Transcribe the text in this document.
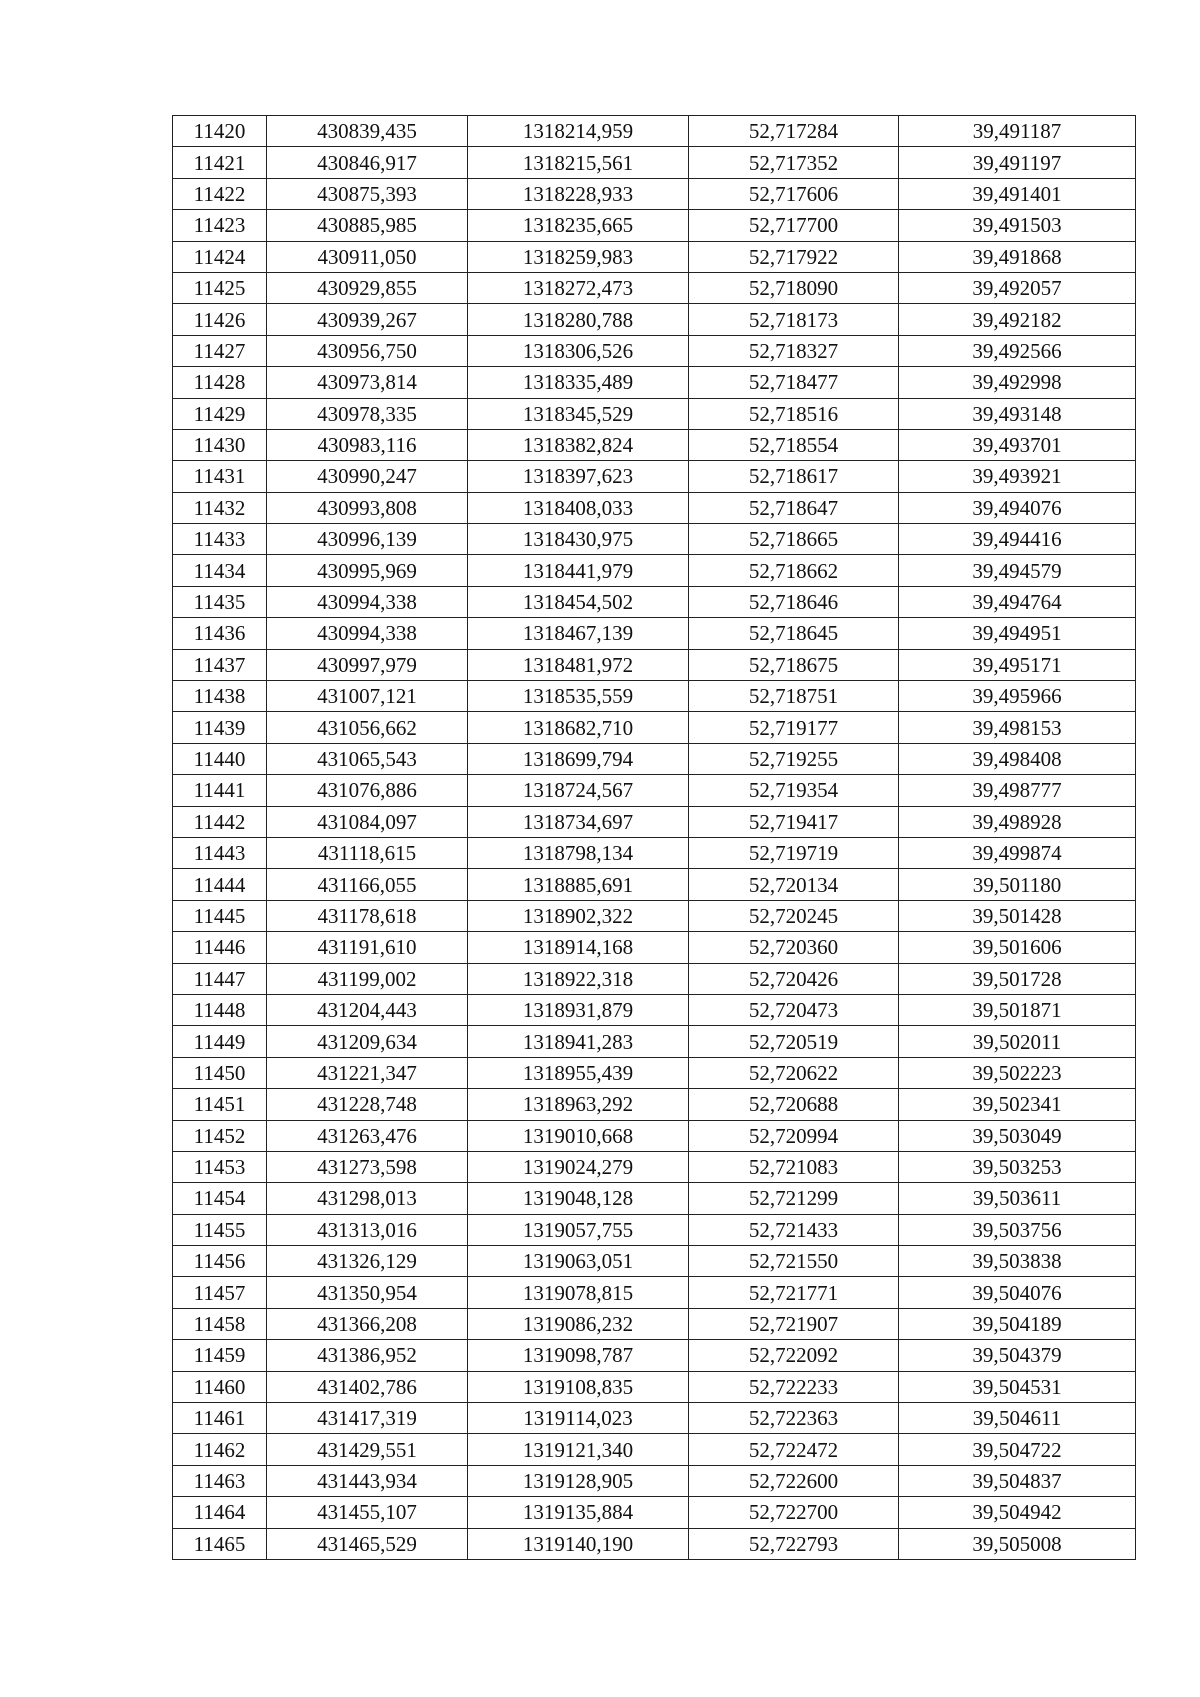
11420	430839,435	1318214,959	52,717284	39,491187
11421	430846,917	1318215,561	52,717352	39,491197
11422	430875,393	1318228,933	52,717606	39,491401
11423	430885,985	1318235,665	52,717700	39,491503
11424	430911,050	1318259,983	52,717922	39,491868
11425	430929,855	1318272,473	52,718090	39,492057
11426	430939,267	1318280,788	52,718173	39,492182
11427	430956,750	1318306,526	52,718327	39,492566
11428	430973,814	1318335,489	52,718477	39,492998
11429	430978,335	1318345,529	52,718516	39,493148
11430	430983,116	1318382,824	52,718554	39,493701
11431	430990,247	1318397,623	52,718617	39,493921
11432	430993,808	1318408,033	52,718647	39,494076
11433	430996,139	1318430,975	52,718665	39,494416
11434	430995,969	1318441,979	52,718662	39,494579
11435	430994,338	1318454,502	52,718646	39,494764
11436	430994,338	1318467,139	52,718645	39,494951
11437	430997,979	1318481,972	52,718675	39,495171
11438	431007,121	1318535,559	52,718751	39,495966
11439	431056,662	1318682,710	52,719177	39,498153
11440	431065,543	1318699,794	52,719255	39,498408
11441	431076,886	1318724,567	52,719354	39,498777
11442	431084,097	1318734,697	52,719417	39,498928
11443	431118,615	1318798,134	52,719719	39,499874
11444	431166,055	1318885,691	52,720134	39,501180
11445	431178,618	1318902,322	52,720245	39,501428
11446	431191,610	1318914,168	52,720360	39,501606
11447	431199,002	1318922,318	52,720426	39,501728
11448	431204,443	1318931,879	52,720473	39,501871
11449	431209,634	1318941,283	52,720519	39,502011
11450	431221,347	1318955,439	52,720622	39,502223
11451	431228,748	1318963,292	52,720688	39,502341
11452	431263,476	1319010,668	52,720994	39,503049
11453	431273,598	1319024,279	52,721083	39,503253
11454	431298,013	1319048,128	52,721299	39,503611
11455	431313,016	1319057,755	52,721433	39,503756
11456	431326,129	1319063,051	52,721550	39,503838
11457	431350,954	1319078,815	52,721771	39,504076
11458	431366,208	1319086,232	52,721907	39,504189
11459	431386,952	1319098,787	52,722092	39,504379
11460	431402,786	1319108,835	52,722233	39,504531
11461	431417,319	1319114,023	52,722363	39,504611
11462	431429,551	1319121,340	52,722472	39,504722
11463	431443,934	1319128,905	52,722600	39,504837
11464	431455,107	1319135,884	52,722700	39,504942
11465	431465,529	1319140,190	52,722793	39,505008
